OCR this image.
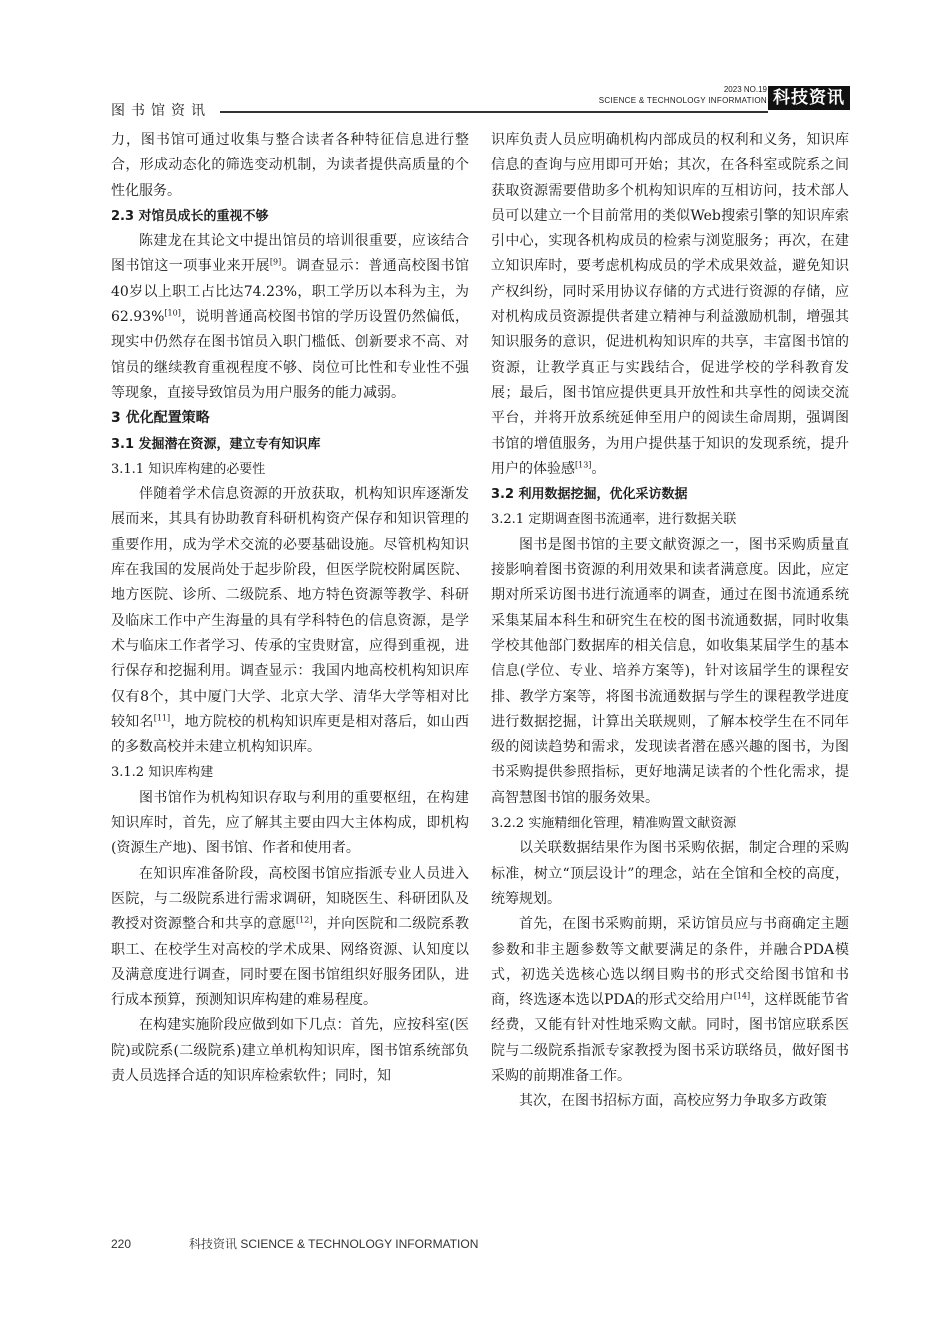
图书馆资讯
2023 NO.19
SCIENCE & TECHNOLOGY INFORMATION 科技资讯

力，图书馆可通过收集与整合读者各种特征信息进行整合，形成动态化的筛选变动机制，为读者提供高质量的个性化服务。

2.3 对馆员成长的重视不够

陈建龙在其论文中提出馆员的培训很重要，应该结合图书馆这一项事业来开展[9]。调查显示：普通高校图书馆40岁以上职工占比达74.23%，职工学历以本科为主，为62.93%[10]，说明普通高校图书馆的学历设置仍然偏低，现实中仍然存在图书馆员入职门槛低、创新要求不高、对馆员的继续教育重视程度不够、岗位可比性和专业性不强等现象，直接导致馆员为用户服务的能力减弱。

3 优化配置策略
3.1 发掘潜在资源，建立专有知识库
3.1.1 知识库构建的必要性

伴随着学术信息资源的开放获取，机构知识库逐渐发展而来，其具有协助教育科研机构资产保存和知识管理的重要作用，成为学术交流的必要基础设施。尽管机构知识库在我国的发展尚处于起步阶段，但医学院校附属医院、地方医院、诊所、二级院系、地方特色资源等教学、科研及临床工作中产生海量的具有学科特色的信息资源，是学术与临床工作者学习、传承的宝贵财富，应得到重视，进行保存和挖掘利用。调查显示：我国内地高校机构知识库仅有8个，其中厦门大学、北京大学、清华大学等相对比较知名[11]，地方院校的机构知识库更是相对落后，如山西的多数高校并未建立机构知识库。

3.1.2 知识库构建

图书馆作为机构知识存取与利用的重要枢纽，在构建知识库时，首先，应了解其主要由四大主体构成，即机构(资源生产地)、图书馆、作者和使用者。

在知识库准备阶段，高校图书馆应指派专业人员进入医院，与二级院系进行需求调研，知晓医生、科研团队及教授对资源整合和共享的意愿[12]，并向医院和二级院系教职工、在校学生对高校的学术成果、网络资源、认知度以及满意度进行调查，同时要在图书馆组织好服务团队，进行成本预算，预测知识库构建的难易程度。

在构建实施阶段应做到如下几点：首先，应按科室(医院)或院系(二级院系)建立单机构知识库，图书馆系统部负责人员选择合适的知识库检索软件；同时，知

识库负责人员应明确机构内部成员的权利和义务，知识库信息的查询与应用即可开始；其次，在各科室或院系之间获取资源需要借助多个机构知识库的互相访问，技术部人员可以建立一个目前常用的类似Web搜索引擎的知识库索引中心，实现各机构成员的检索与浏览服务；再次，在建立知识库时，要考虑机构成员的学术成果效益，避免知识产权纠纷，同时采用协议存储的方式进行资源的存储，应对机构成员资源提供者建立精神与利益激励机制，增强其知识服务的意识，促进机构知识库的共享，丰富图书馆的资源，让教学真正与实践结合，促进学校的学科教育发展；最后，图书馆应提供更具开放性和共享性的阅读交流平台，并将开放系统延伸至用户的阅读生命周期，强调图书馆的增值服务，为用户提供基于知识的发现系统，提升用户的体验感[13]。

3.2 利用数据挖掘，优化采访数据
3.2.1 定期调查图书流通率，进行数据关联

图书是图书馆的主要文献资源之一，图书采购质量直接影响着图书资源的利用效果和读者满意度。因此，应定期对所采访图书进行流通率的调查，通过在图书流通系统采集某届本科生和研究生在校的图书流通数据，同时收集学校其他部门数据库的相关信息，如收集某届学生的基本信息(学位、专业、培养方案等)，针对该届学生的课程安排、教学方案等，将图书流通数据与学生的课程教学进度进行数据挖掘，计算出关联规则，了解本校学生在不同年级的阅读趋势和需求，发现读者潜在感兴趣的图书，为图书采购提供参照指标，更好地满足读者的个性化需求，提高智慧图书馆的服务效果。

3.2.2 实施精细化管理，精准购置文献资源

以关联数据结果作为图书采购依据，制定合理的采购标准，树立“顶层设计”的理念，站在全馆和全校的高度，统筹规划。

首先，在图书采购前期，采访馆员应与书商确定主题参数和非主题参数等文献要满足的条件，并融合PDA模式，初选关选核心选以纲目购书的形式交给图书馆和书商，终选逐本选以PDA的形式交给用户[14]，这样既能节省经费，又能有针对性地采购文献。同时，图书馆应联系医院与二级院系指派专家教授为图书采访联络员，做好图书采购的前期准备工作。

其次，在图书招标方面，高校应努力争取多方政策

220	科技资讯 SCIENCE & TECHNOLOGY INFORMATION
